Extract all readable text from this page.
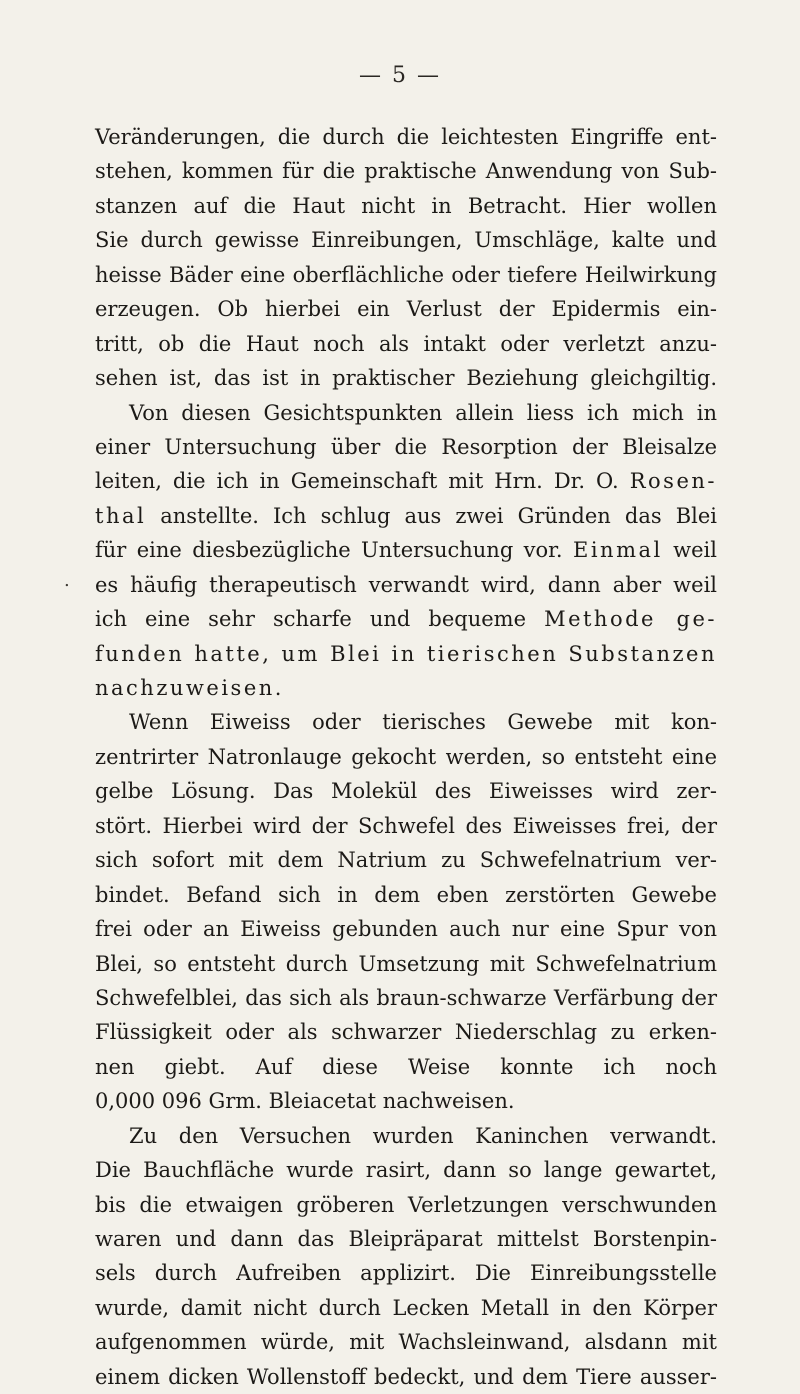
— 5 —
.
Veränderungen, die durch die leichtesten Eingriffe ent-
stehen, kommen für die praktische Anwendung von Sub-
stanzen auf die Haut nicht in Betracht. Hier wollen
Sie durch gewisse Einreibungen, Umschläge, kalte und
heisse Bäder eine oberflächliche oder tiefere Heilwirkung
erzeugen. Ob hierbei ein Verlust der Epidermis ein-
tritt, ob die Haut noch als intakt oder verletzt anzu-
sehen ist, das ist in praktischer Beziehung gleichgiltig.
Von diesen Gesichtspunkten allein liess ich mich in
einer Untersuchung über die Resorption der Bleisalze
leiten, die ich in Gemeinschaft mit Hrn. Dr. O. Rosen-
thal anstellte. Ich schlug aus zwei Gründen das Blei
für eine diesbezügliche Untersuchung vor. Einmal weil
es häufig therapeutisch verwandt wird, dann aber weil
ich eine sehr scharfe und bequeme Methode ge-
funden hatte, um Blei in tierischen Substanzen
nachzuweisen.
Wenn Eiweiss oder tierisches Gewebe mit kon-
zentrirter Natronlauge gekocht werden, so entsteht eine
gelbe Lösung. Das Molekül des Eiweisses wird zer-
stört. Hierbei wird der Schwefel des Eiweisses frei, der
sich sofort mit dem Natrium zu Schwefelnatrium ver-
bindet. Befand sich in dem eben zerstörten Gewebe
frei oder an Eiweiss gebunden auch nur eine Spur von
Blei, so entsteht durch Umsetzung mit Schwefelnatrium
Schwefelblei, das sich als braun-schwarze Verfärbung der
Flüssigkeit oder als schwarzer Niederschlag zu erken-
nen giebt. Auf diese Weise konnte ich noch
0,000 096 Grm. Bleiacetat nachweisen.
Zu den Versuchen wurden Kaninchen verwandt.
Die Bauchfläche wurde rasirt, dann so lange gewartet,
bis die etwaigen gröberen Verletzungen verschwunden
waren und dann das Bleipräparat mittelst Borstenpin-
sels durch Aufreiben applizirt. Die Einreibungsstelle
wurde, damit nicht durch Lecken Metall in den Körper
aufgenommen würde, mit Wachsleinwand, alsdann mit
einem dicken Wollenstoff bedeckt, und dem Tiere ausser-
